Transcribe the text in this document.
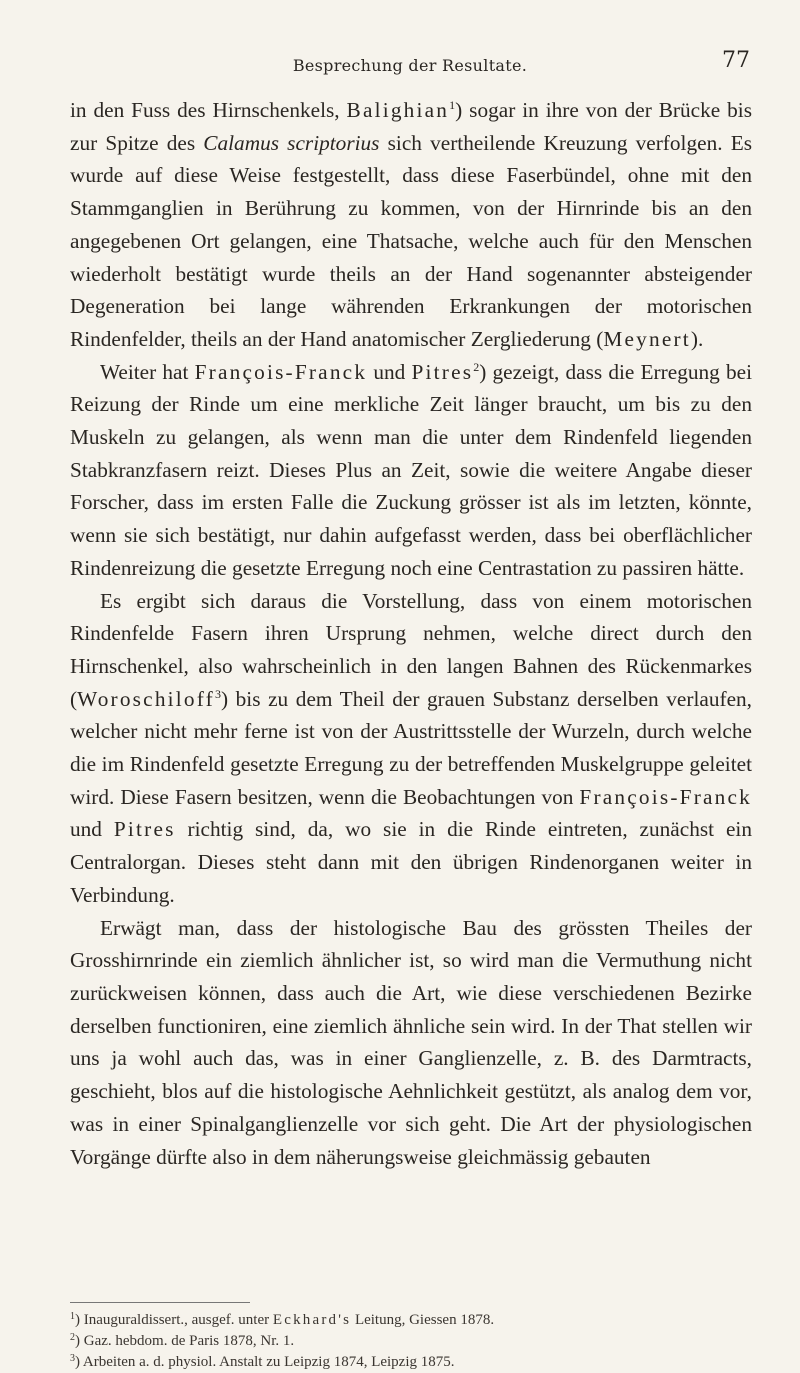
Besprechung der Resultate.	77

in den Fuss des Hirnschenkels, Balighian$^1$) sogar in ihre von der Brücke bis zur Spitze des Calamus scriptorius sich vertheilende Kreuzung verfolgen. Es wurde auf diese Weise festgestellt, dass diese Faserbündel, ohne mit den Stammganglien in Berührung zu kommen, von der Hirnrinde bis an den angegebenen Ort gelangen, eine Thatsache, welche auch für den Menschen wiederholt bestätigt wurde theils an der Hand sogenannter absteigender Degeneration bei lange währenden Erkrankungen der motorischen Rindenfelder, theils an der Hand anatomischer Zergliederung (Meynert).

Weiter hat François-Franck und Pitres$^2$) gezeigt, dass die Erregung bei Reizung der Rinde um eine merkliche Zeit länger braucht, um bis zu den Muskeln zu gelangen, als wenn man die unter dem Rindenfeld liegenden Stabkranzfasern reizt. Dieses Plus an Zeit, sowie die weitere Angabe dieser Forscher, dass im ersten Falle die Zuckung grösser ist als im letzten, könnte, wenn sie sich bestätigt, nur dahin aufgefasst werden, dass bei oberflächlicher Rindenreizung die gesetzte Erregung noch eine Centrastation zu passiren hätte.

Es ergibt sich daraus die Vorstellung, dass von einem motorischen Rindenfelde Fasern ihren Ursprung nehmen, welche direct durch den Hirnschenkel, also wahrscheinlich in den langen Bahnen des Rückenmarkes (Woroschiloff$^3$) bis zu dem Theil der grauen Substanz derselben verlaufen, welcher nicht mehr ferne ist von der Austrittsstelle der Wurzeln, durch welche die im Rindenfeld gesetzte Erregung zu der betreffenden Muskelgruppe geleitet wird. Diese Fasern besitzen, wenn die Beobachtungen von François-Franck und Pitres richtig sind, da, wo sie in die Rinde eintreten, zunächst ein Centralorgan. Dieses steht dann mit den übrigen Rindenorganen weiter in Verbindung.

Erwägt man, dass der histologische Bau des grössten Theiles der Grosshirnrinde ein ziemlich ähnlicher ist, so wird man die Vermuthung nicht zurückweisen können, dass auch die Art, wie diese verschiedenen Bezirke derselben functioniren, eine ziemlich ähnliche sein wird. In der That stellen wir uns ja wohl auch das, was in einer Ganglienzelle, z. B. des Darmtracts, geschieht, blos auf die histologische Aehnlichkeit gestützt, als analog dem vor, was in einer Spinalganglienzelle vor sich geht. Die Art der physiologischen Vorgänge dürfte also in dem näherungsweise gleichmässig gebauten

$^1$) Inauguraldissert., ausgef. unter Eckhard's Leitung, Giessen 1878.

$^2$) Gaz. hebdom. de Paris 1878, Nr. 1.

$^3$) Arbeiten a. d. physiol. Anstalt zu Leipzig 1874, Leipzig 1875.
